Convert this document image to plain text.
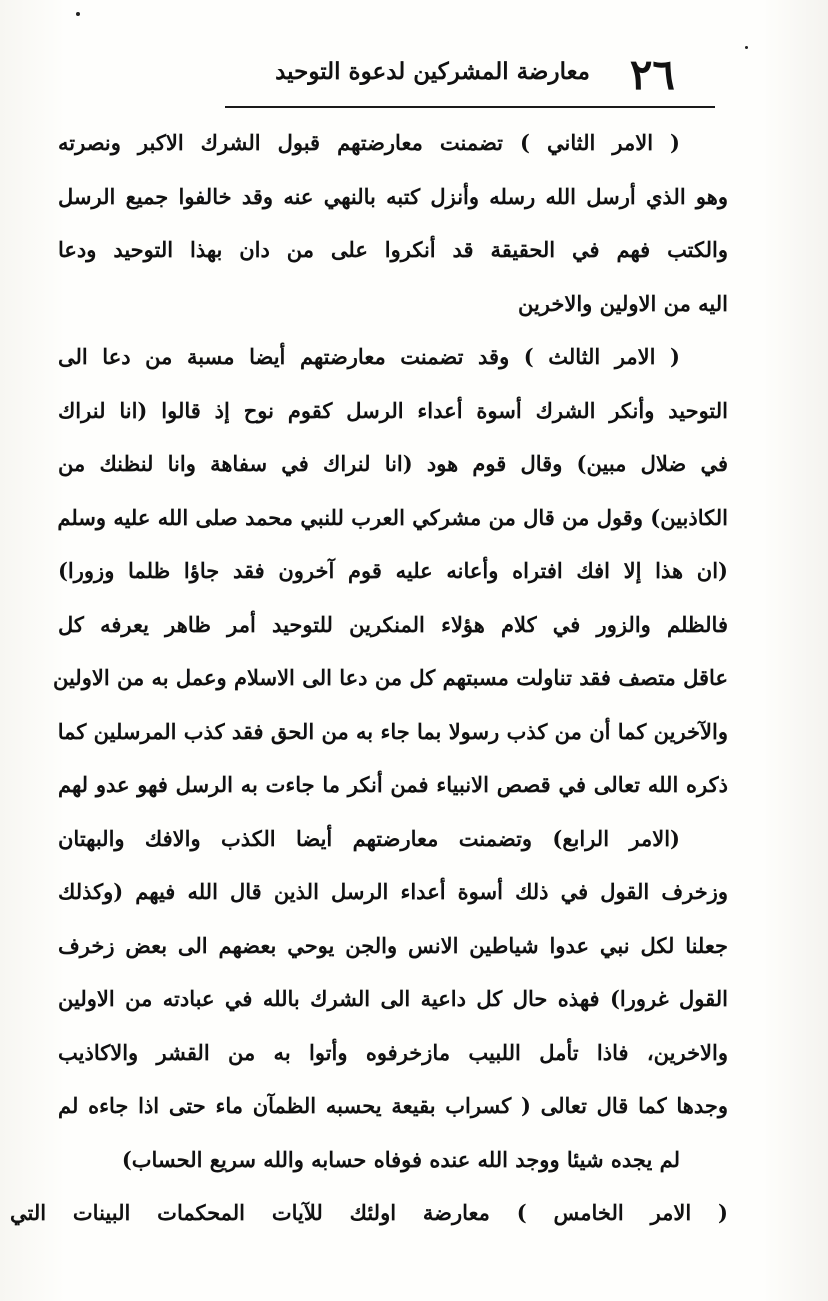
٢٦
معارضة المشركين لدعوة التوحيد
( الامر الثاني ) تضمنت معارضتهم قبول الشرك الاكبر ونصرته
وهو الذي أرسل الله رسله وأنزل كتبه بالنهي عنه وقد خالفوا جميع الرسل
والكتب فهم في الحقيقة قد أنكروا على من دان بهذا التوحيد ودعا
اليه من الاولين والاخرين
( الامر الثالث ) وقد تضمنت معارضتهم أيضا مسبة من دعا الى
التوحيد وأنكر الشرك أسوة أعداء الرسل كقوم نوح إذ قالوا (انا لنراك
في ضلال مبين) وقال قوم هود (انا لنراك في سفاهة وانا لنظنك من
الكاذبين) وقول من قال من مشركي العرب للنبي محمد صلى الله عليه وسلم
(ان هذا إلا افك افتراه وأعانه عليه قوم آخرون فقد جاؤا ظلما وزورا)
فالظلم والزور في كلام هؤلاء المنكرين للتوحيد أمر ظاهر يعرفه كل
عاقل متصف فقد تناولت مسبتهم كل من دعا الى الاسلام وعمل به من الاولين
والآخرين كما أن من كذب رسولا بما جاء به من الحق فقد كذب المرسلين كما
ذكره الله تعالى في قصص الانبياء فمن أنكر ما جاءت به الرسل فهو عدو لهم
(الامر الرابع) وتضمنت معارضتهم أيضا الكذب والافك والبهتان
وزخرف القول في ذلك أسوة أعداء الرسل الذين قال الله فيهم (وكذلك
جعلنا لكل نبي عدوا شياطين الانس والجن يوحي بعضهم الى بعض زخرف
القول غرورا) فهذه حال كل داعية الى الشرك بالله في عبادته من الاولين
والاخرين، فاذا تأمل اللبيب مازخرفوه وأتوا به من القشر والاكاذيب
وجدها كما قال تعالى ( كسراب بقيعة يحسبه الظمآن ماء حتى اذا جاءه لم
لم يجده شيئا ووجد الله عنده فوفاه حسابه والله سريع الحساب)
( الامر الخامس ) معارضة اولئك للآيات المحكمات البينات التي
